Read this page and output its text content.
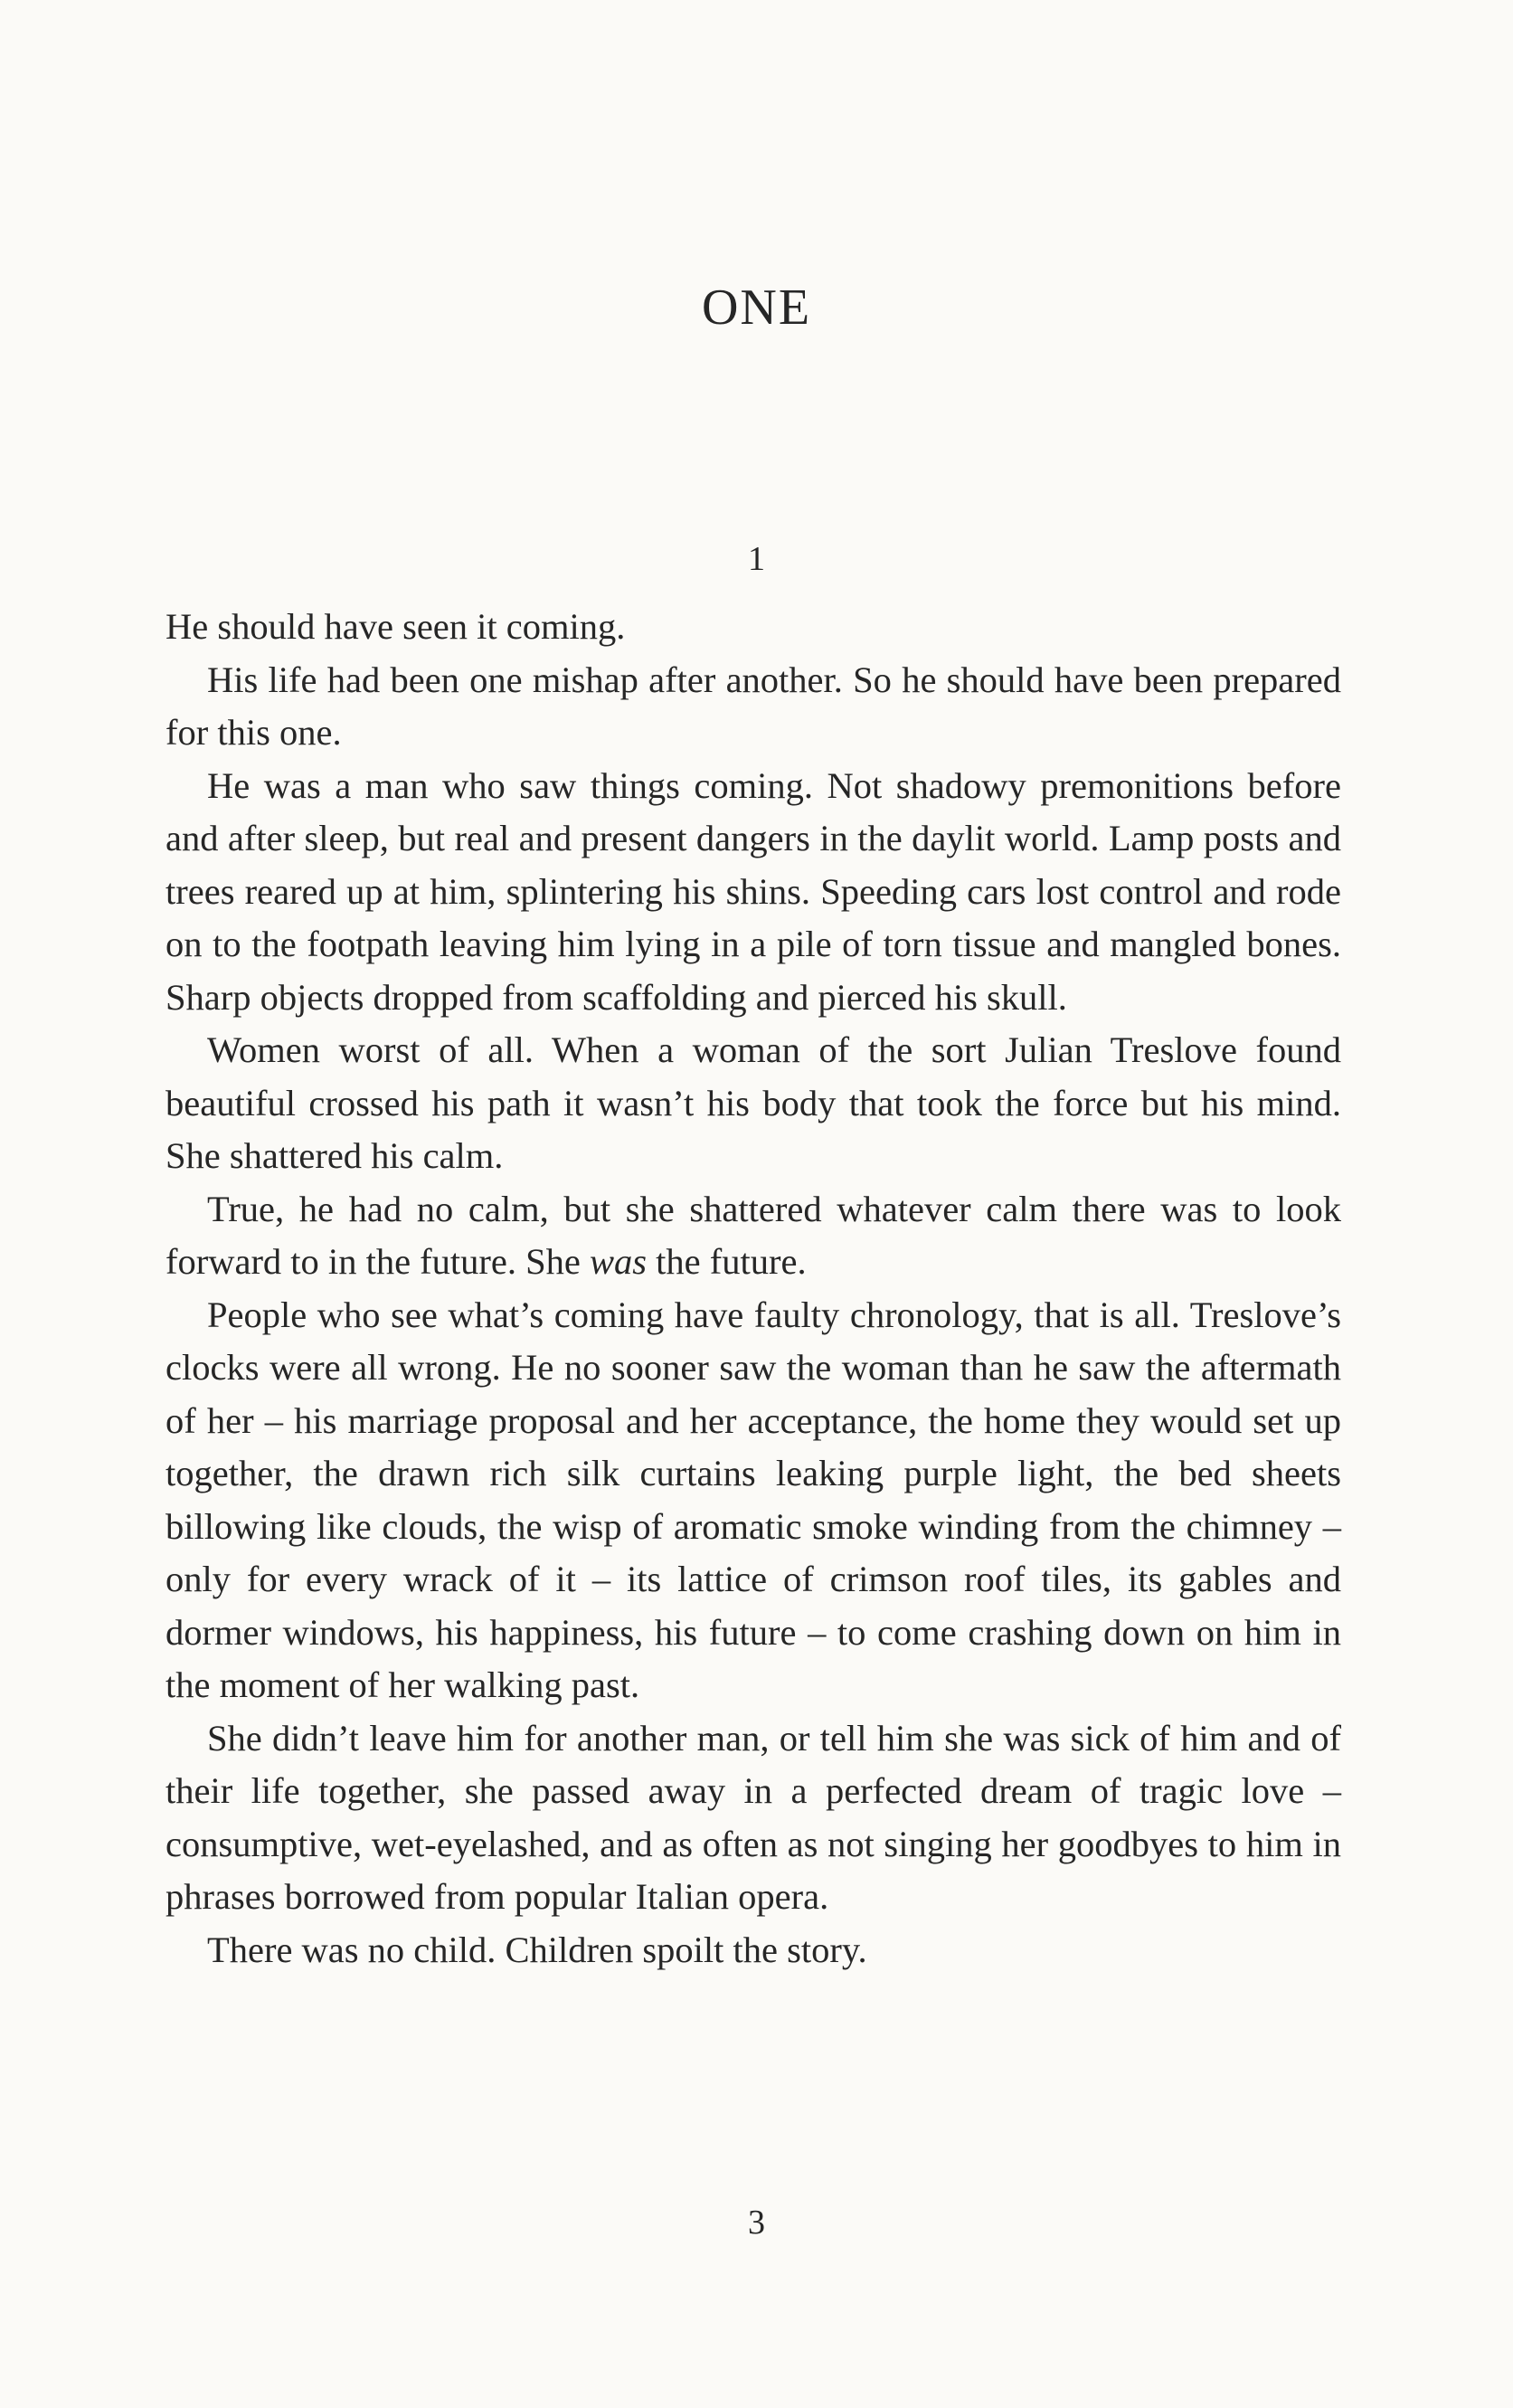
ONE
1

He should have seen it coming.

His life had been one mishap after another. So he should have been prepared for this one.

He was a man who saw things coming. Not shadowy premonitions before and after sleep, but real and present dangers in the daylit world. Lamp posts and trees reared up at him, splintering his shins. Speeding cars lost control and rode on to the footpath leaving him lying in a pile of torn tissue and mangled bones. Sharp objects dropped from scaffolding and pierced his skull.

Women worst of all. When a woman of the sort Julian Treslove found beautiful crossed his path it wasn’t his body that took the force but his mind. She shattered his calm.

True, he had no calm, but she shattered whatever calm there was to look forward to in the future. She was the future.

People who see what’s coming have faulty chronology, that is all. Treslove’s clocks were all wrong. He no sooner saw the woman than he saw the aftermath of her – his marriage proposal and her acceptance, the home they would set up together, the drawn rich silk curtains leaking purple light, the bed sheets billowing like clouds, the wisp of aromatic smoke winding from the chimney – only for every wrack of it – its lattice of crimson roof tiles, its gables and dormer windows, his happiness, his future – to come crashing down on him in the moment of her walking past.

She didn’t leave him for another man, or tell him she was sick of him and of their life together, she passed away in a perfected dream of tragic love – consumptive, wet-eyelashed, and as often as not singing her goodbyes to him in phrases borrowed from popular Italian opera.

There was no child. Children spoilt the story.

3
